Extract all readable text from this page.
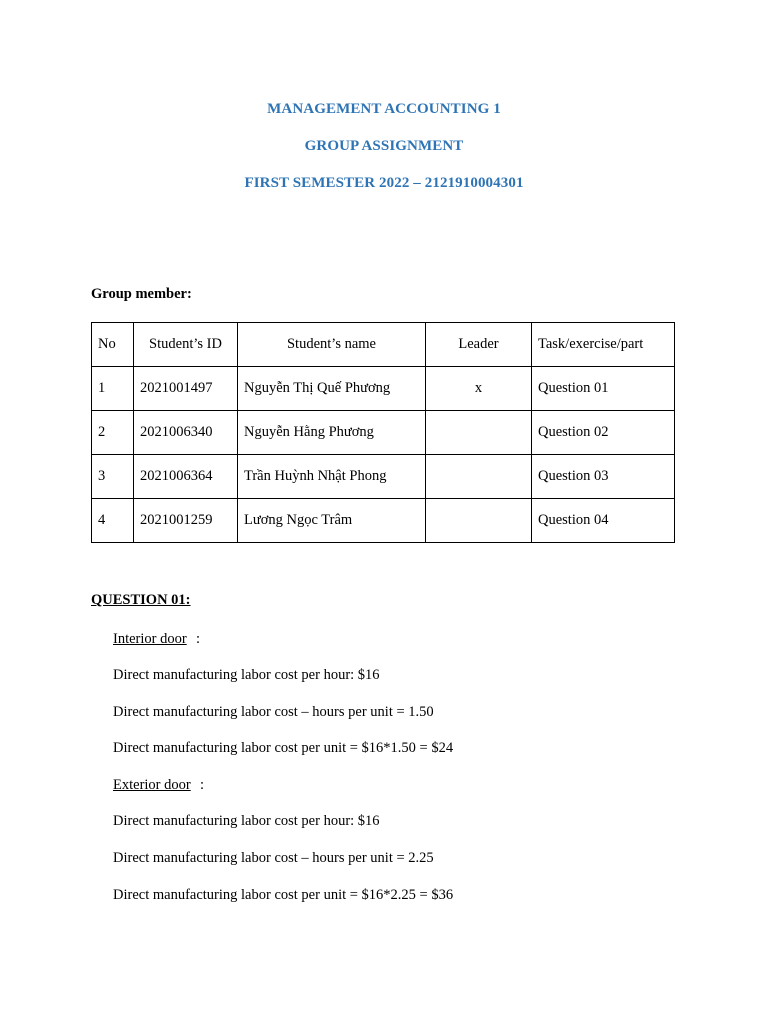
MANAGEMENT ACCOUNTING 1
GROUP ASSIGNMENT
FIRST SEMESTER 2022 – 2121910004301
Group member:
No	Student’s ID	Student’s name	Leader	Task/exercise/part
1	2021001497	Nguyễn Thị Quế Phương	x	Question 01
2	2021006340	Nguyễn Hằng Phương		Question 02
3	2021006364	Trần Huỳnh Nhật Phong		Question 03
4	2021001259	Lương Ngọc Trâm		Question 04
QUESTION 01:
Interior door :
Direct manufacturing labor cost per hour: $16
Direct manufacturing labor cost – hours per unit = 1.50
Direct manufacturing labor cost per unit = $16*1.50 = $24
Exterior door :
Direct manufacturing labor cost per hour: $16
Direct manufacturing labor cost – hours per unit = 2.25
Direct manufacturing labor cost per unit = $16*2.25 = $36
